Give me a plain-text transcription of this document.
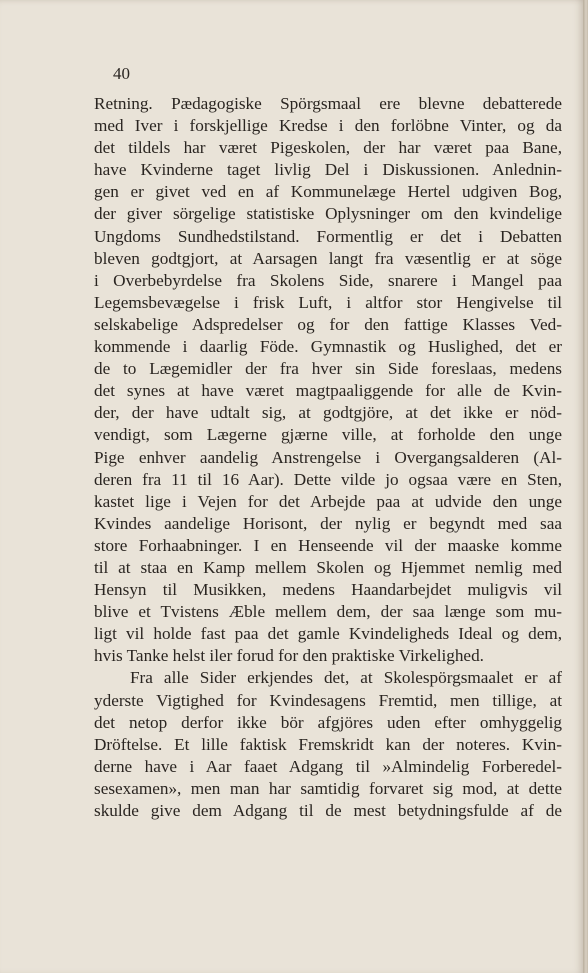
40
Retning. Pædagogiske Spörgsmaal ere blevne debatterede
med Iver i forskjellige Kredse i den forlöbne Vinter, og da
det tildels har været Pigeskolen, der har været paa Bane,
have Kvinderne taget livlig Del i Diskussionen. Anlednin-
gen er givet ved en af Kommunelæge Hertel udgiven Bog,
der giver sörgelige statistiske Oplysninger om den kvindelige
Ungdoms Sundhedstilstand. Formentlig er det i Debatten
bleven godtgjort, at Aarsagen langt fra væsentlig er at söge
i Overbebyrdelse fra Skolens Side, snarere i Mangel paa
Legemsbevægelse i frisk Luft, i altfor stor Hengivelse til
selskabelige Adspredelser og for den fattige Klasses Ved-
kommende i daarlig Föde. Gymnastik og Huslighed, det er
de to Lægemidler der fra hver sin Side foreslaas, medens
det synes at have været magtpaaliggende for alle de Kvin-
der, der have udtalt sig, at godtgjöre, at det ikke er nöd-
vendigt, som Lægerne gjærne ville, at forholde den unge
Pige enhver aandelig Anstrengelse i Overgangsalderen (Al-
deren fra 11 til 16 Aar). Dette vilde jo ogsaa være en Sten,
kastet lige i Vejen for det Arbejde paa at udvide den unge
Kvindes aandelige Horisont, der nylig er begyndt med saa
store Forhaabninger. I en Henseende vil der maaske komme
til at staa en Kamp mellem Skolen og Hjemmet nemlig med
Hensyn til Musikken, medens Haandarbejdet muligvis vil
blive et Tvistens Æble mellem dem, der saa længe som mu-
ligt vil holde fast paa det gamle Kvindeligheds Ideal og dem,
hvis Tanke helst iler forud for den praktiske Virkelighed.
Fra alle Sider erkjendes det, at Skolespörgsmaalet er af
yderste Vigtighed for Kvindesagens Fremtid, men tillige, at
det netop derfor ikke bör afgjöres uden efter omhyggelig
Dröftelse. Et lille faktisk Fremskridt kan der noteres. Kvin-
derne have i Aar faaet Adgang til »Almindelig Forberedel-
sesexamen», men man har samtidig forvaret sig mod, at dette
skulde give dem Adgang til de mest betydningsfulde af de
